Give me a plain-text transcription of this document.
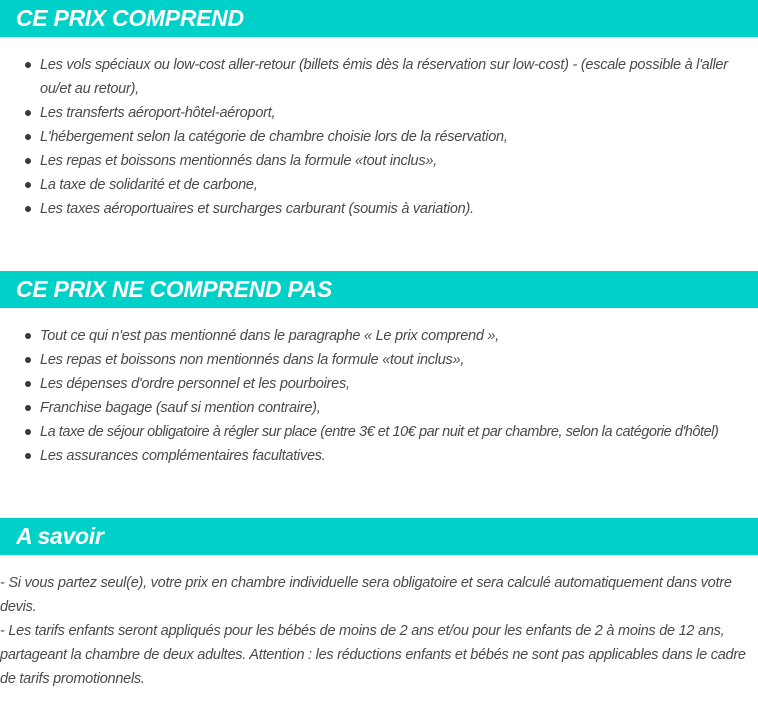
CE PRIX COMPREND
Les vols spéciaux ou low-cost aller-retour (billets émis dès la réservation sur low-cost) - (escale possible à l'aller ou/et au retour),
Les transferts aéroport-hôtel-aéroport,
L'hébergement selon la catégorie de chambre choisie lors de la réservation,
Les repas et boissons mentionnés dans la formule «tout inclus»,
La taxe de solidarité et de carbone,
Les taxes aéroportuaires et surcharges carburant (soumis à variation).
CE PRIX NE COMPREND PAS
Tout ce qui n'est pas mentionné dans le paragraphe « Le prix comprend »,
Les repas et boissons non mentionnés dans la formule «tout inclus»,
Les dépenses d'ordre personnel et les pourboires,
Franchise bagage (sauf si mention contraire),
La taxe de séjour obligatoire à régler sur place (entre 3€ et 10€ par nuit et par chambre, selon la catégorie d'hôtel)
Les assurances complémentaires facultatives.
A savoir

- Si vous partez seul(e), votre prix en chambre individuelle sera obligatoire et sera calculé automatiquement dans votre devis.

- Les tarifs enfants seront appliqués pour les bébés de moins de 2 ans et/ou pour les enfants de 2 à moins de 12 ans, partageant la chambre de deux adultes. Attention : les réductions enfants et bébés ne sont pas applicables dans le cadre de tarifs promotionnels.
